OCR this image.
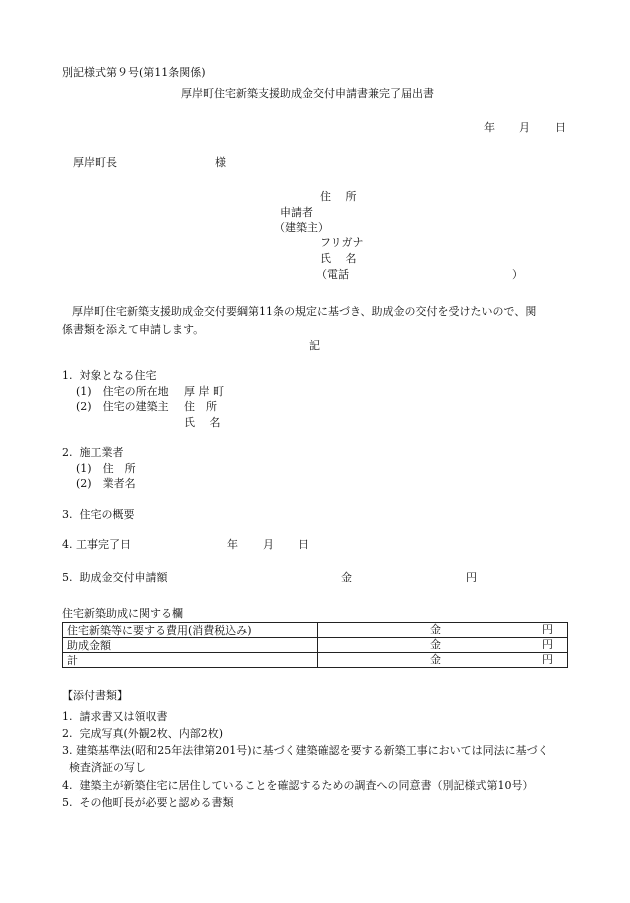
別記様式第９号(第11条関係)
厚岸町住宅新築支援助成金交付申請書兼完了届出書
年 月 日
厚岸町長	様
住　 所
申請者
（建築主）
フリガナ
氏　 名
（電話	）
厚岸町住宅新築支援助成金交付要綱第11条の規定に基づき、助成金の交付を受けたいので、関
係書類を添えて申請します。
記
1.  対象となる住宅
(1)　住宅の所在地 厚 岸 町
(2)　住宅の建築主 住　所
氏　 名
2.  施工業者
(1)　住　所
(2)　業者名
3.  住宅の概要
4. 工事完了日	年 月 日
5.  助成金交付申請額	金	円
住宅新築助成に関する欄
住宅新築等に要する費用(消費税込み)	金 円

助成金額	金 円

計	金 円
【添付書類】
1.  請求書又は領収書
2.  完成写真(外観2枚、内部2枚)
3. 建築基準法(昭和25年法律第201号)に基づく建築確認を要する新築工事においては同法に基づく
検査済証の写し
4.  建築主が新築住宅に居住していることを確認するための調査への同意書（別記様式第10号）
5.  その他町長が必要と認める書類
